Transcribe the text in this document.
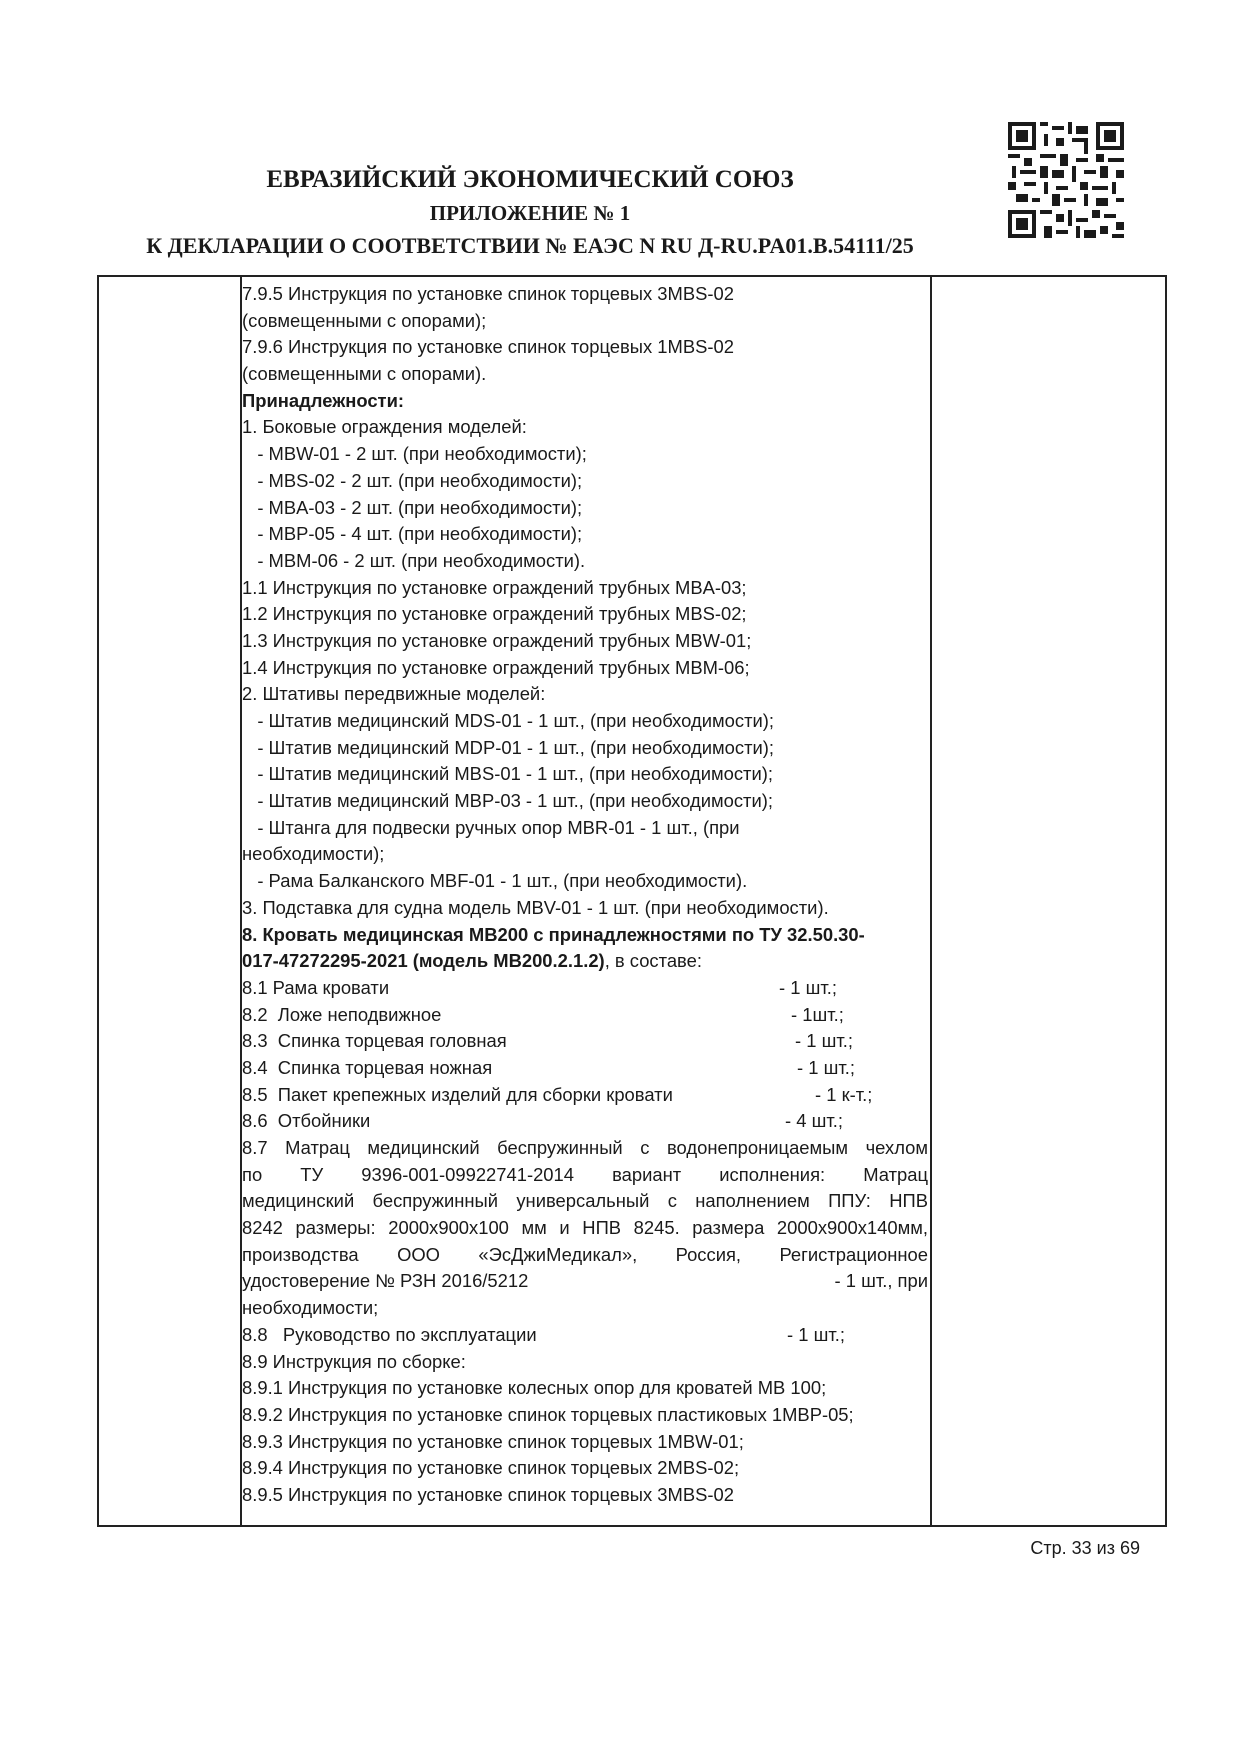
ЕВРАЗИЙСКИЙ ЭКОНОМИЧЕСКИЙ СОЮЗ
ПРИЛОЖЕНИЕ № 1
К ДЕКЛАРАЦИИ О СООТВЕТСТВИИ № ЕАЭС N RU Д-RU.PA01.B.54111/25
7.9.5 Инструкция по установке спинок торцевых 3MBS-02
(совмещенными с опорами);
7.9.6 Инструкция по установке спинок торцевых 1MBS-02
(совмещенными с опорами).
Принадлежности:
1. Боковые ограждения моделей:
- MBW-01 - 2 шт. (при необходимости);
- MBS-02 - 2 шт. (при необходимости);
- MBA-03 - 2 шт. (при необходимости);
- MBP-05 - 4 шт. (при необходимости);
- MBM-06 - 2 шт. (при необходимости).
1.1 Инструкция по установке ограждений трубных MBA-03;
1.2 Инструкция по установке ограждений трубных MBS-02;
1.3 Инструкция по установке ограждений трубных MBW-01;
1.4 Инструкция по установке ограждений трубных MBM-06;
2. Штативы передвижные моделей:
- Штатив медицинский MDS-01 - 1 шт., (при необходимости);
- Штатив медицинский MDP-01 - 1 шт., (при необходимости);
- Штатив медицинский MBS-01 - 1 шт., (при необходимости);
- Штатив медицинский MBP-03 - 1 шт., (при необходимости);
- Штанга для подвески ручных опор MBR-01 - 1 шт., (при
необходимости);
- Рама Балканского MBF-01 - 1 шт., (при необходимости).
3. Подставка для судна модель MBV-01 - 1 шт. (при необходимости).
8. Кровать медицинская MB200 с принадлежностями по ТУ 32.50.30-
017-47272295-2021 (модель MB200.2.1.2), в составе:
8.1 Рама кровати	- 1 шт.;
8.2  Ложе неподвижное	- 1шт.;
8.3  Спинка торцевая головная	- 1 шт.;
8.4  Спинка торцевая ножная	- 1 шт.;
8.5  Пакет крепежных изделий для сборки кровати	- 1 к-т.;
8.6  Отбойники	- 4 шт.;
8.7 Матрац медицинский беспружинный с водонепроницаемым чехлом
по ТУ 9396-001-09922741-2014 вариант исполнения: Матрац
медицинский беспружинный универсальный с наполнением ППУ: НПВ
8242 размеры: 2000x900x100 мм и НПВ 8245. размера 2000x900x140мм,
производства ООО «ЭсДжиМедикал», Россия, Регистрационное
удостоверение № РЗН 2016/5212	- 1 шт., при
необходимости;
8.8   Руководство по эксплуатации	- 1 шт.;
8.9 Инструкция по сборке:
8.9.1 Инструкция по установке колесных опор для кроватей MB 100;
8.9.2 Инструкция по установке спинок торцевых пластиковых 1MBP-05;
8.9.3 Инструкция по установке спинок торцевых 1MBW-01;
8.9.4 Инструкция по установке спинок торцевых 2MBS-02;
8.9.5 Инструкция по установке спинок торцевых 3MBS-02
Стр. 33 из 69
